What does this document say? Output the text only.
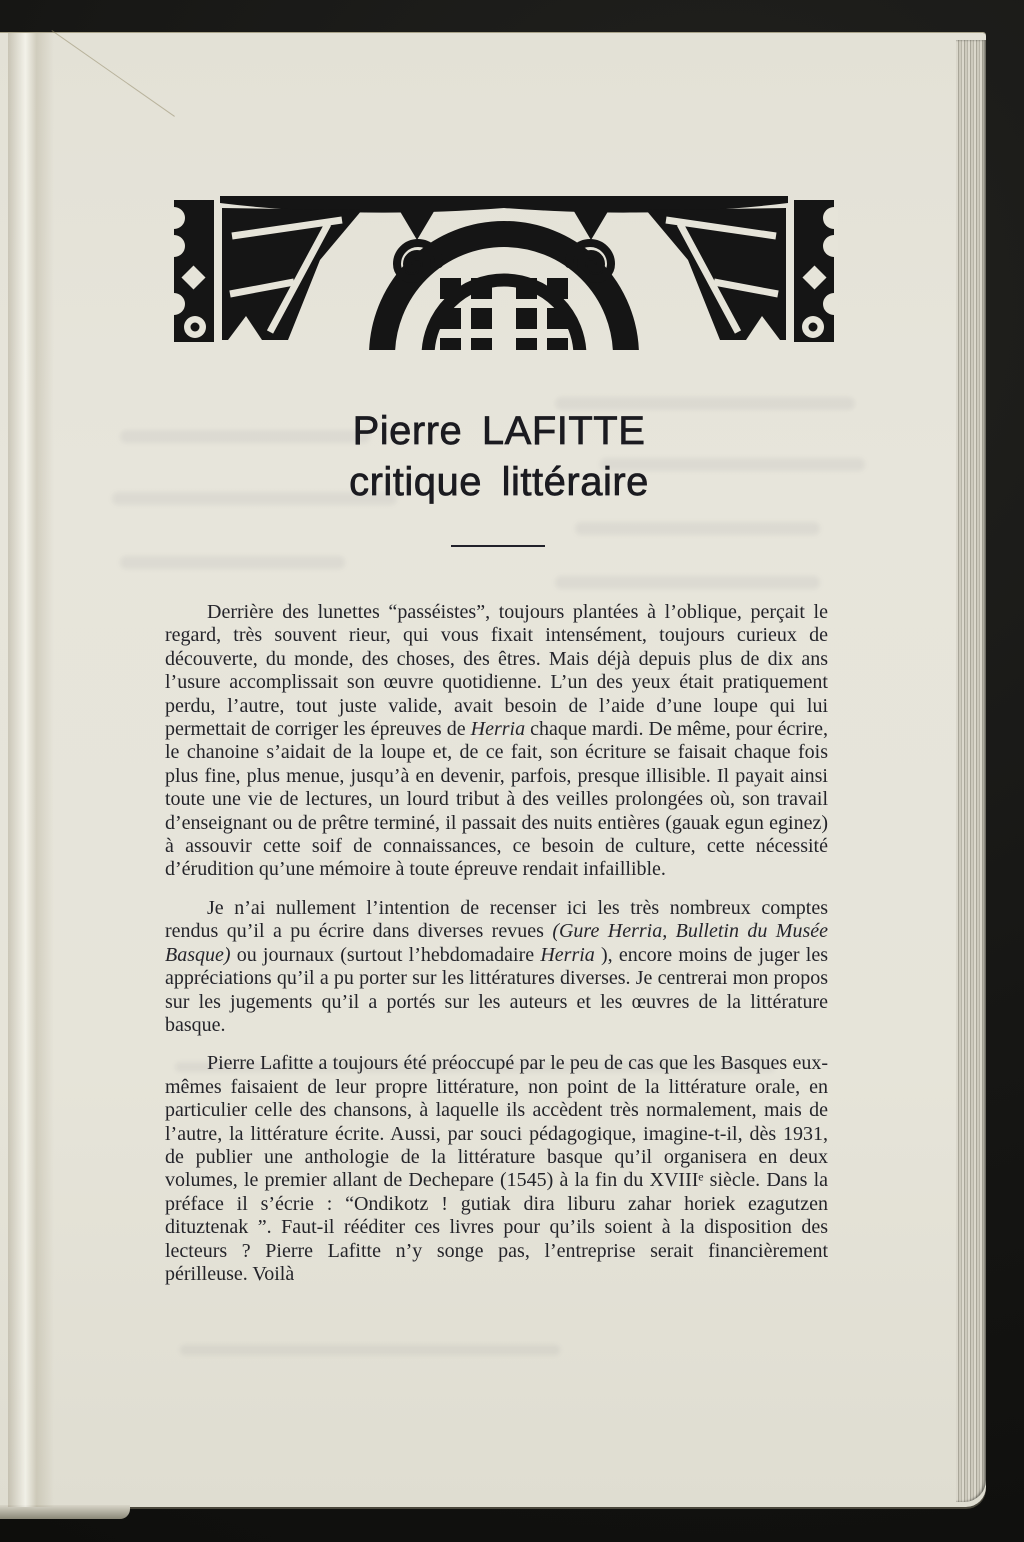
Pierre LAFITTE
critique littéraire

Derrière des lunettes “passéistes”, toujours plantées à l’oblique, perçait le regard, très souvent rieur, qui vous fixait intensément, toujours curieux de découverte, du monde, des choses, des êtres. Mais déjà depuis plus de dix ans l’usure accomplissait son œuvre quotidienne. L’un des yeux était pratiquement perdu, l’autre, tout juste valide, avait besoin de l’aide d’une loupe qui lui permettait de corriger les épreuves de Herria chaque mardi. De même, pour écrire, le chanoine s’aidait de la loupe et, de ce fait, son écriture se faisait chaque fois plus fine, plus menue, jusqu’à en devenir, parfois, presque illisible. Il payait ainsi toute une vie de lectures, un lourd tribut à des veilles prolongées où, son travail d’enseignant ou de prêtre terminé, il passait des nuits entières (gauak egun eginez) à assouvir cette soif de connaissances, ce besoin de culture, cette nécessité d’érudition qu’une mémoire à toute épreuve rendait infaillible.

Je n’ai nullement l’intention de recenser ici les très nombreux comptes rendus qu’il a pu écrire dans diverses revues (Gure Herria, Bulletin du Musée Basque) ou journaux (surtout l’hebdomadaire Herria ), encore moins de juger les appréciations qu’il a pu porter sur les littératures diverses. Je centrerai mon propos sur les jugements qu’il a portés sur les auteurs et les œuvres de la littérature basque.

Pierre Lafitte a toujours été préoccupé par le peu de cas que les Basques eux-mêmes faisaient de leur propre littérature, non point de la littérature orale, en particulier celle des chansons, à laquelle ils accèdent très normalement, mais de l’autre, la littérature écrite. Aussi, par souci pédagogique, imagine-t-il, dès 1931, de publier une anthologie de la littérature basque qu’il organisera en deux volumes, le premier allant de Dechepare (1545) à la fin du XVIIIᵉ siècle. Dans la préface il s’écrie : “Ondikotz ! gutiak dira liburu zahar horiek ezagutzen dituztenak ”. Faut-il rééditer ces livres pour qu’ils soient à la disposition des lecteurs ? Pierre Lafitte n’y songe pas, l’entreprise serait financièrement périlleuse. Voilà
